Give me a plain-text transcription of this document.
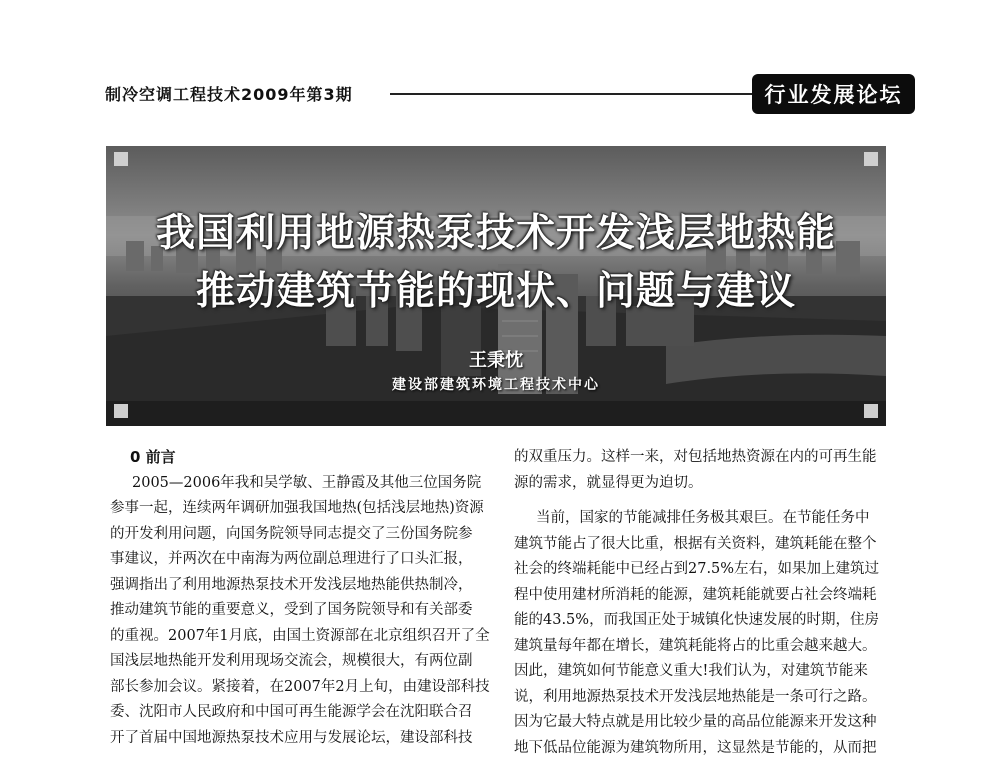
制冷空调工程技术2009年第3期	行业发展论坛
我国利用地源热泵技术开发浅层地热能
推动建筑节能的现状、问题与建议
王秉忱
建设部建筑环境工程技术中心

0 前言

2005—2006年我和吴学敏、王静霞及其他三位国务院

参事一起，连续两年调研加强我国地热(包括浅层地热)资源

的开发利用问题，向国务院领导同志提交了三份国务院参

事建议，并两次在中南海为两位副总理进行了口头汇报，

强调指出了利用地源热泵技术开发浅层地热能供热制冷，

推动建筑节能的重要意义，受到了国务院领导和有关部委

的重视。2007年1月底，由国土资源部在北京组织召开了全

国浅层地热能开发利用现场交流会，规模很大，有两位副

部长参加会议。紧接着，在2007年2月上旬，由建设部科技

委、沈阳市人民政府和中国可再生能源学会在沈阳联合召

开了首届中国地源热泵技术应用与发展论坛，建设部科技

的双重压力。这样一来，对包括地热资源在内的可再生能

源的需求，就显得更为迫切。

当前，国家的节能减排任务极其艰巨。在节能任务中

建筑节能占了很大比重，根据有关资料，建筑耗能在整个

社会的终端耗能中已经占到27.5%左右，如果加上建筑过

程中使用建材所消耗的能源，建筑耗能就要占社会终端耗

能的43.5%，而我国正处于城镇化快速发展的时期，住房

建筑量每年都在增长，建筑耗能将占的比重会越来越大。

因此，建筑如何节能意义重大!我们认为，对建筑节能来

说，利用地源热泵技术开发浅层地热能是一条可行之路。

因为它最大特点就是用比较少量的高品位能源来开发这种

地下低品位能源为建筑物所用，这显然是节能的，从而把
